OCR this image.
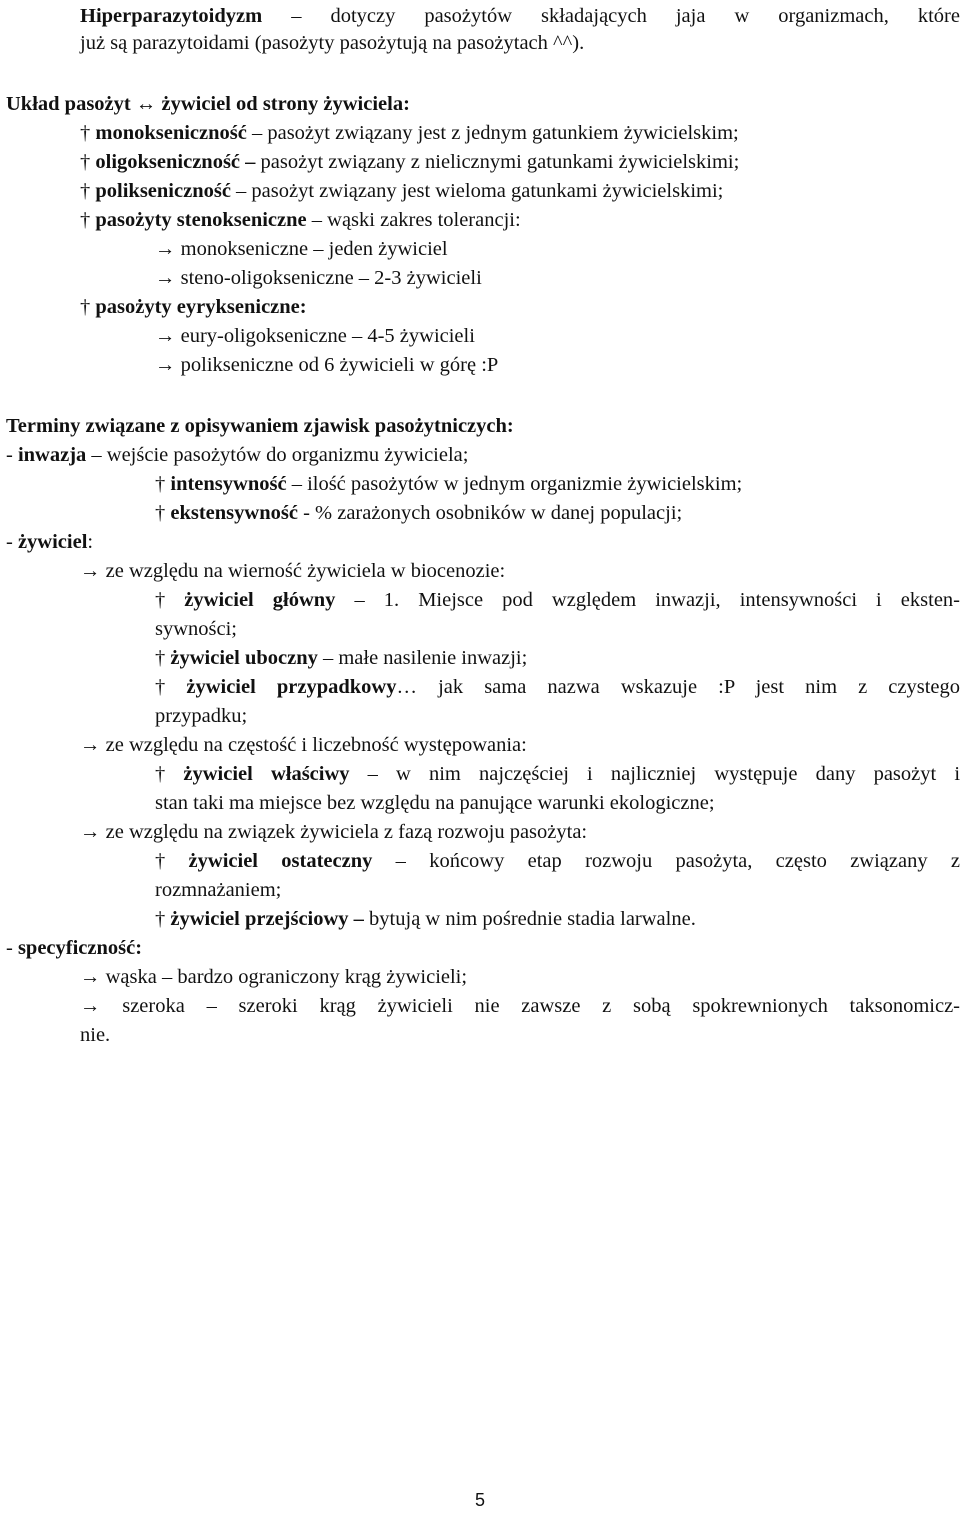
Hiperparazytoidyzm – dotyczy pasożytów składających jaja w organizmach, które
już są parazytoidami (pasożyty pasożytują na pasożytach ^^).
Układ pasożyt ↔ żywiciel od strony żywiciela:
† monokseniczność – pasożyt związany jest z jednym gatunkiem żywicielskim;
† oligokseniczność – pasożyt związany z nielicznymi gatunkami żywicielskimi;
† polikseniczność – pasożyt związany jest wieloma gatunkami żywicielskimi;
† pasożyty stenokseniczne – wąski zakres tolerancji:
→ monokseniczne – jeden żywiciel
→ steno-oligokseniczne – 2-3 żywicieli
† pasożyty eyrykseniczne:
→ eury-oligokseniczne – 4-5 żywicieli
→ polikseniczne od 6 żywicieli w górę :P
Terminy związane z opisywaniem zjawisk pasożytniczych:
- inwazja – wejście pasożytów do organizmu żywiciela;
† intensywność – ilość pasożytów w jednym organizmie żywicielskim;
† ekstensywność - % zarażonych osobników w danej populacji;
- żywiciel:
→ ze względu na wierność żywiciela w biocenozie:
† żywiciel główny – 1. Miejsce pod względem inwazji, intensywności i eksten-
sywności;
† żywiciel uboczny – małe nasilenie inwazji;
† żywiciel przypadkowy… jak sama nazwa wskazuje :P jest nim z czystego
przypadku;
→ ze względu na częstość i liczebność występowania:
† żywiciel właściwy – w nim najczęściej i najliczniej występuje dany pasożyt i
stan taki ma miejsce bez względu na panujące warunki ekologiczne;
→ ze względu na związek żywiciela z fazą rozwoju pasożyta:
† żywiciel ostateczny – końcowy etap rozwoju pasożyta, często związany z
rozmnażaniem;
† żywiciel przejściowy – bytują w nim pośrednie stadia larwalne.
- specyficzność:
→ wąska – bardzo ograniczony krąg żywicieli;
→ szeroka – szeroki krąg żywicieli nie zawsze z sobą spokrewnionych taksonomicz-
nie.
5
